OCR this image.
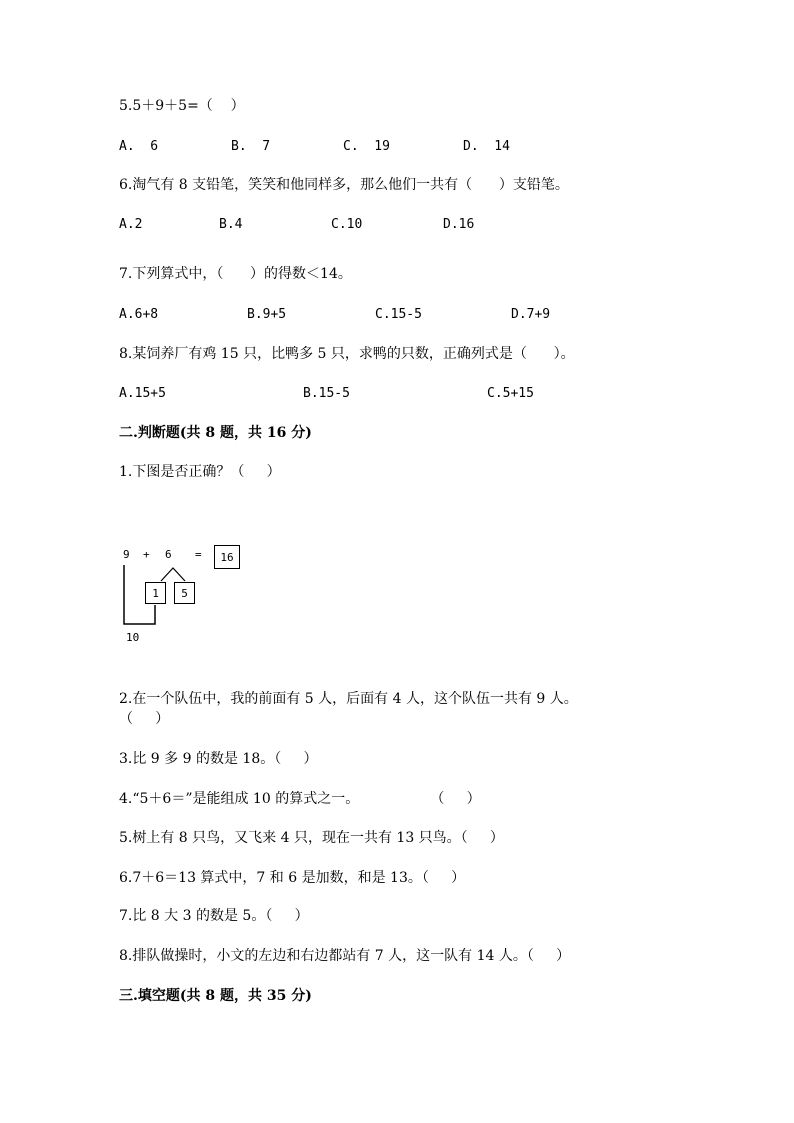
5.5＋9＋5=（    ）
A.  6	B.  7	C.  19	D.  14
6.淘气有 8 支铅笔，笑笑和他同样多，那么他们一共有（      ）支铅笔。
A.2	B.4	C.10	D.16
7.下列算式中，（      ）的得数＜14。
A.6+8	B.9+5	C.15-5	D.7+9
8.某饲养厂有鸡 15 只，比鸭多 5 只，求鸭的只数，正确列式是（      ）。
A.15+5	B.15-5	C.5+15
二.判断题(共 8 题，共 16 分)
1.下图是否正确？（     ）
9 + 6 =	16
1	5
10
2.在一个队伍中，我的前面有 5 人，后面有 4 人，这个队伍一共有 9 人。
（     ）
3.比 9 多 9 的数是 18。（     ）
4.“5＋6＝”是能组成 10 的算式之一。                （     ）
5.树上有 8 只鸟，又飞来 4 只，现在一共有 13 只鸟。（     ）
6.7＋6＝13 算式中，7 和 6 是加数，和是 13。（     ）
7.比 8 大 3 的数是 5。（     ）
8.排队做操时，小文的左边和右边都站有 7 人，这一队有 14 人。（     ）
三.填空题(共 8 题，共 35 分)
